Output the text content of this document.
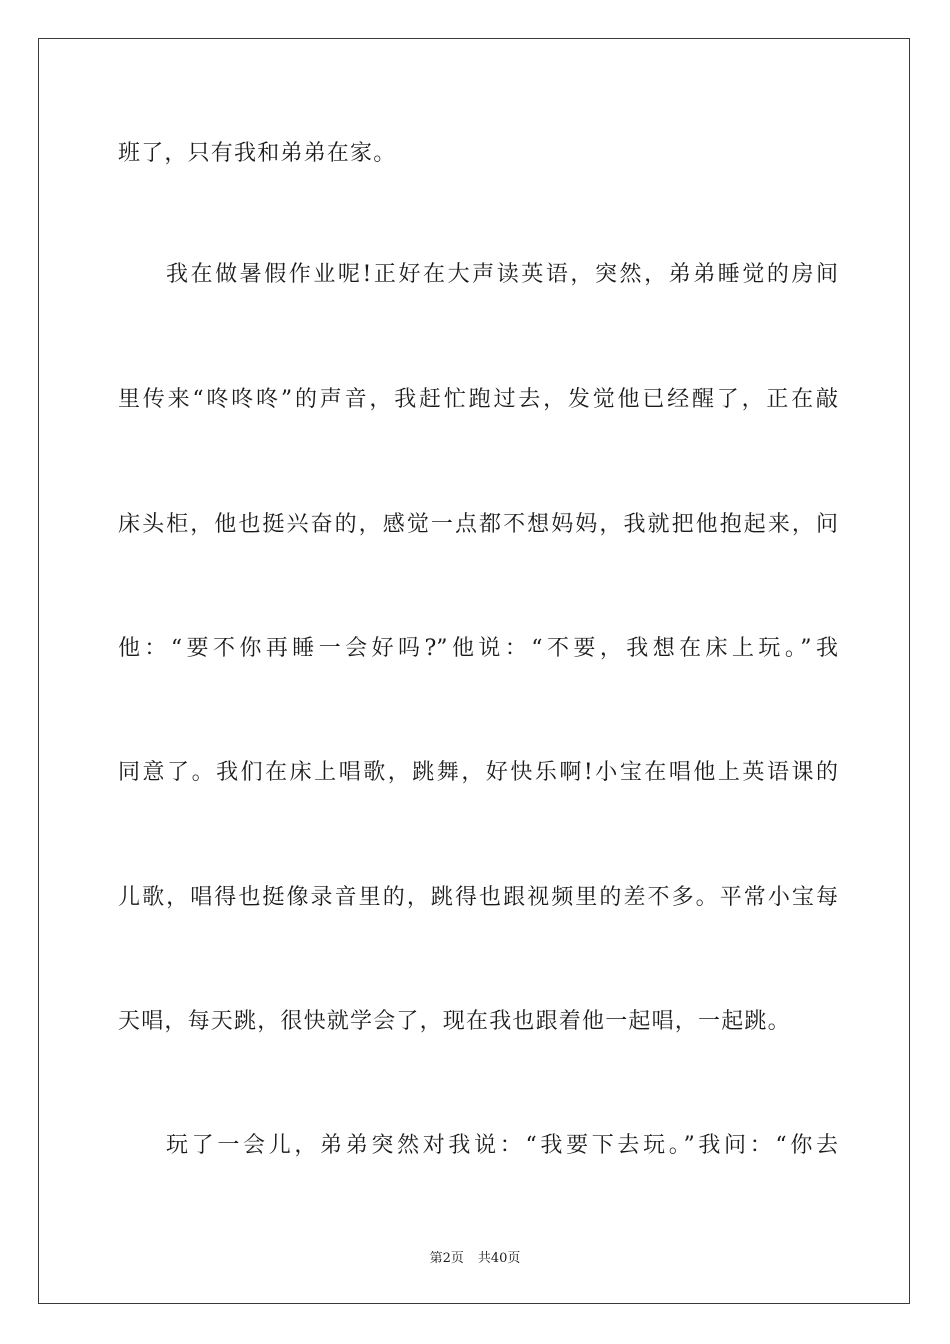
班了，只有我和弟弟在家。
我在做暑假作业呢!正好在大声读英语，突然，弟弟睡觉的房间
里传来“咚咚咚”的声音，我赶忙跑过去，发觉他已经醒了，正在敲
床头柜，他也挺兴奋的，感觉一点都不想妈妈，我就把他抱起来，问
他：“要不你再睡一会好吗?”他说：“不要，我想在床上玩。”我
同意了。我们在床上唱歌，跳舞，好快乐啊!小宝在唱他上英语课的
儿歌，唱得也挺像录音里的，跳得也跟视频里的差不多。平常小宝每
天唱，每天跳，很快就学会了，现在我也跟着他一起唱，一起跳。
玩了一会儿，弟弟突然对我说：“我要下去玩。”我问：“你去
第2页 共40页
